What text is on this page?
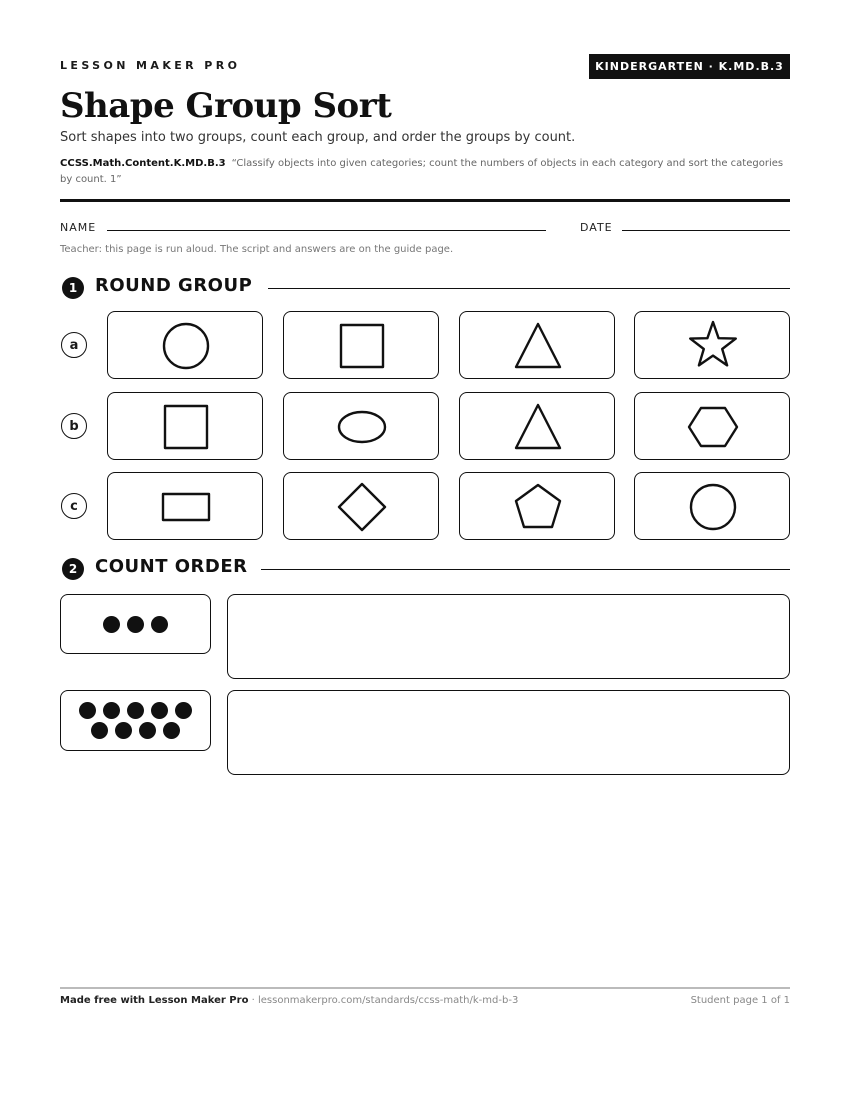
LESSON MAKER PRO	KINDERGARTEN · K.MD.B.3
Shape Group Sort
Sort shapes into two groups, count each group, and order the groups by count.
CCSS.Math.Content.K.MD.B.3 “Classify objects into given categories; count the numbers of objects in each category and sort the categories by count. 1”
NAME	DATE
Teacher: this page is run aloud. The script and answers are on the guide page.
1 ROUND GROUP
a
b
c
2 COUNT ORDER
Made free with Lesson Maker Pro · lessonmakerpro.com/standards/ccss-math/k-md-b-3	Student page 1 of 1
